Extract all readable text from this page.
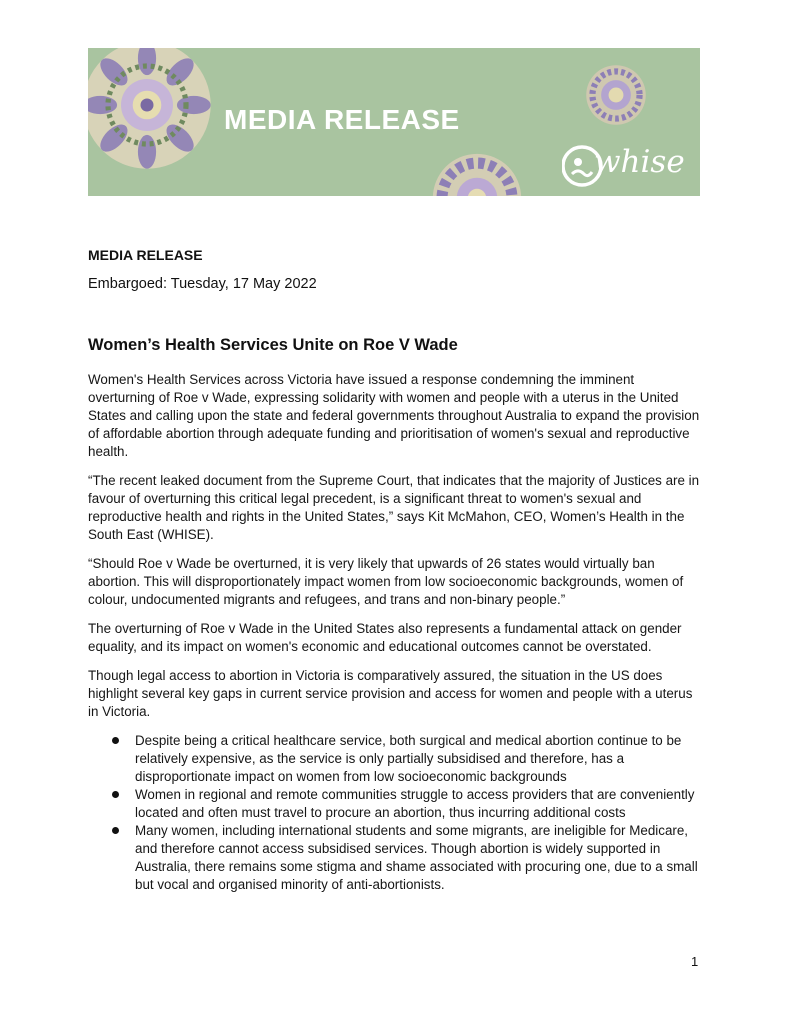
MEDIA RELEASE
whise
MEDIA RELEASE
Embargoed: Tuesday, 17 May 2022
Women’s Health Services Unite on Roe V Wade

Women's Health Services across Victoria have issued a response condemning the imminent overturning of Roe v Wade, expressing solidarity with women and people with a uterus in the United States and calling upon the state and federal governments throughout Australia to expand the provision of affordable abortion through adequate funding and prioritisation of women's sexual and reproductive health.

“The recent leaked document from the Supreme Court, that indicates that the majority of Justices are in favour of overturning this critical legal precedent, is a significant threat to women's sexual and reproductive health and rights in the United States,” says Kit McMahon, CEO, Women’s Health in the South East (WHISE).

“Should Roe v Wade be overturned, it is very likely that upwards of 26 states would virtually ban abortion. This will disproportionately impact women from low socioeconomic backgrounds, women of colour, undocumented migrants and refugees, and trans and non-binary people.”

The overturning of Roe v Wade in the United States also represents a fundamental attack on gender equality, and its impact on women's economic and educational outcomes cannot be overstated.

Though legal access to abortion in Victoria is comparatively assured, the situation in the US does highlight several key gaps in current service provision and access for women and people with a uterus in Victoria.

Despite being a critical healthcare service, both surgical and medical abortion continue to be relatively expensive, as the service is only partially subsidised and therefore, has a disproportionate impact on women from low socioeconomic backgrounds
Women in regional and remote communities struggle to access providers that are conveniently located and often must travel to procure an abortion, thus incurring additional costs
Many women, including international students and some migrants, are ineligible for Medicare, and therefore cannot access subsidised services. Though abortion is widely supported in Australia, there remains some stigma and shame associated with procuring one, due to a small but vocal and organised minority of anti-abortionists.
1
